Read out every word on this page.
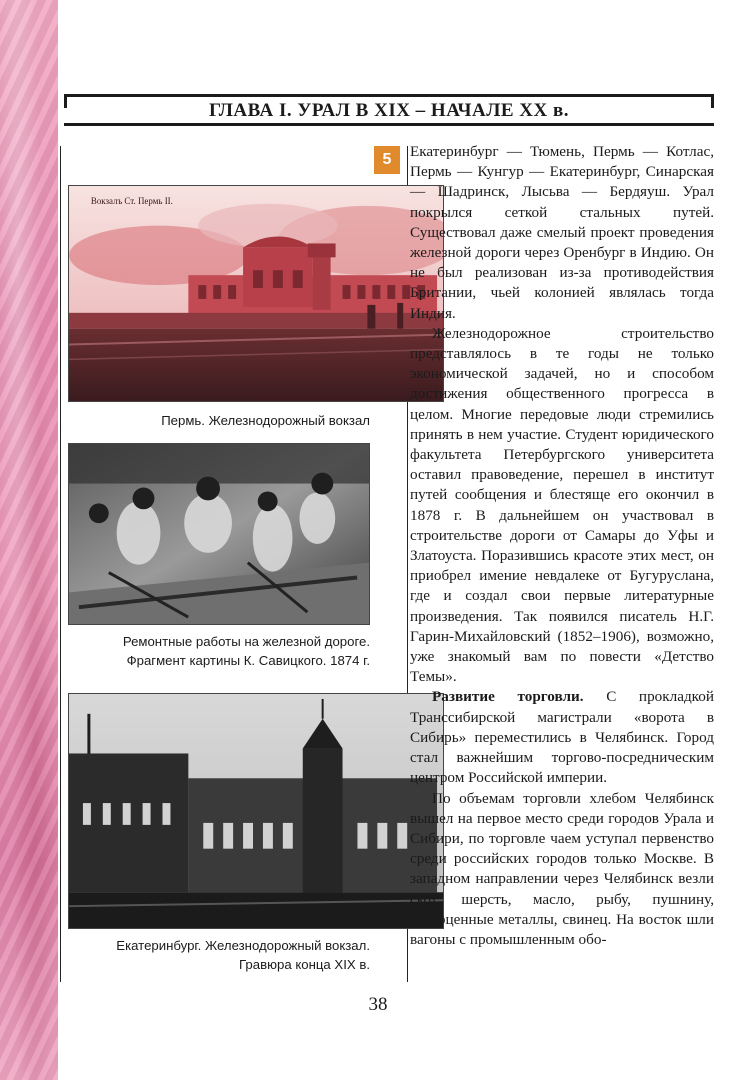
ГЛАВА I. УРАЛ В XIX – НАЧАЛЕ XX в.
Вокзалъ Ст. Пермь II.
Пермь. Железнодорожный вокзал
Ремонтные работы на железной дороге.
Фрагмент картины К. Савицкого. 1874 г.
Екатеринбург. Железнодорожный вокзал.
Гравюра конца XIX в.
5	Екатеринбург — Тюмень, Пермь — Котлас, Пермь — Кунгур — Екатеринбург, Синарская — Шадринск, Лысьва — Бердяуш. Урал покрылся сеткой стальных путей. Существовал даже смелый проект проведения железной дороги через Оренбург в Индию. Он не был реализован из-за противодействия Британии, чьей колонией являлась тогда Индия.

Железнодорожное строительство представлялось в те годы не только экономической задачей, но и способом достижения общественного прогресса в целом. Многие передовые люди стремились принять в нем участие. Студент юридического факультета Петербургского университета оставил правоведение, перешел в институт путей сообщения и блестяще его окончил в 1878 г. В дальнейшем он участвовал в строительстве дороги от Самары до Уфы и Златоуста. Поразившись красоте этих мест, он приобрел имение невдалеке от Бугуруслана, где и создал свои первые литературные произведения. Так появился писатель Н.Г. Гарин-Михайловский (1852–1906), возможно, уже знакомый вам по повести «Детство Темы».

Развитие торговли. С прокладкой Транссибирской магистрали «ворота в Сибирь» переместились в Челябинск. Город стал важнейшим торгово-посредническим центром Российской империи.

По объемам торговли хлебом Челябинск вышел на первое место среди городов Урала и Сибири, по торговле чаем уступал первенство среди российских городов только Москве. В западном направлении через Челябинск везли скот, шерсть, масло, рыбу, пушнину, драгоценные металлы, свинец. На восток шли вагоны с промышленным обо-

38
